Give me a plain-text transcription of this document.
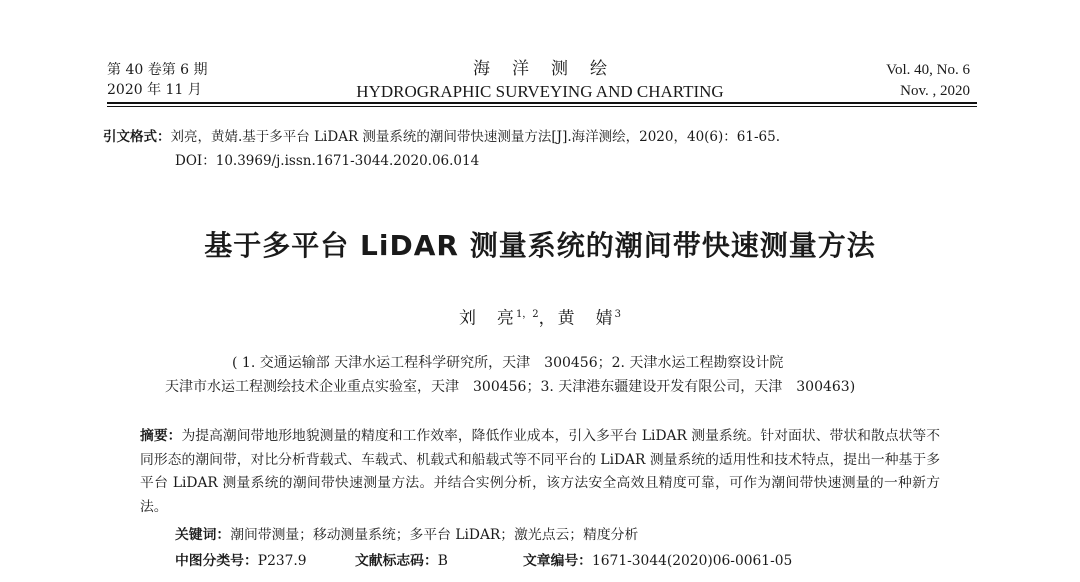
第 40 卷第 6 期
2020 年 11 月
海洋测绘
HYDROGRAPHIC SURVEYING AND CHARTING
Vol. 40, No. 6
Nov. , 2020
引文格式：刘亮，黄婧.基于多平台 LiDAR 测量系统的潮间带快速测量方法[J].海洋测绘，2020，40(6)：61-65.
DOI：10.3969/j.issn.1671-3044.2020.06.014
基于多平台 LiDAR 测量系统的潮间带快速测量方法
刘　亮$^{1,2}$，黄　婧$^3$
( 1. 交通运输部 天津水运工程科学研究所，天津　300456；2. 天津水运工程勘察设计院
天津市水运工程测绘技术企业重点实验室，天津　300456；3. 天津港东疆建设开发有限公司，天津　300463)
摘要：为提高潮间带地形地貌测量的精度和工作效率，降低作业成本，引入多平台 LiDAR 测量系统。针对面状、带状和散点状等不同形态的潮间带，对比分析背载式、车载式、机载式和船载式等不同平台的 LiDAR 测量系统的适用性和技术特点，提出一种基于多平台 LiDAR 测量系统的潮间带快速测量方法。并结合实例分析，该方法安全高效且精度可靠，可作为潮间带快速测量的一种新方法。
关键词：潮间带测量；移动测量系统；多平台 LiDAR；激光点云；精度分析
中图分类号：P237.9	文献标志码：B	文章编号：1671-3044(2020)06-0061-05
